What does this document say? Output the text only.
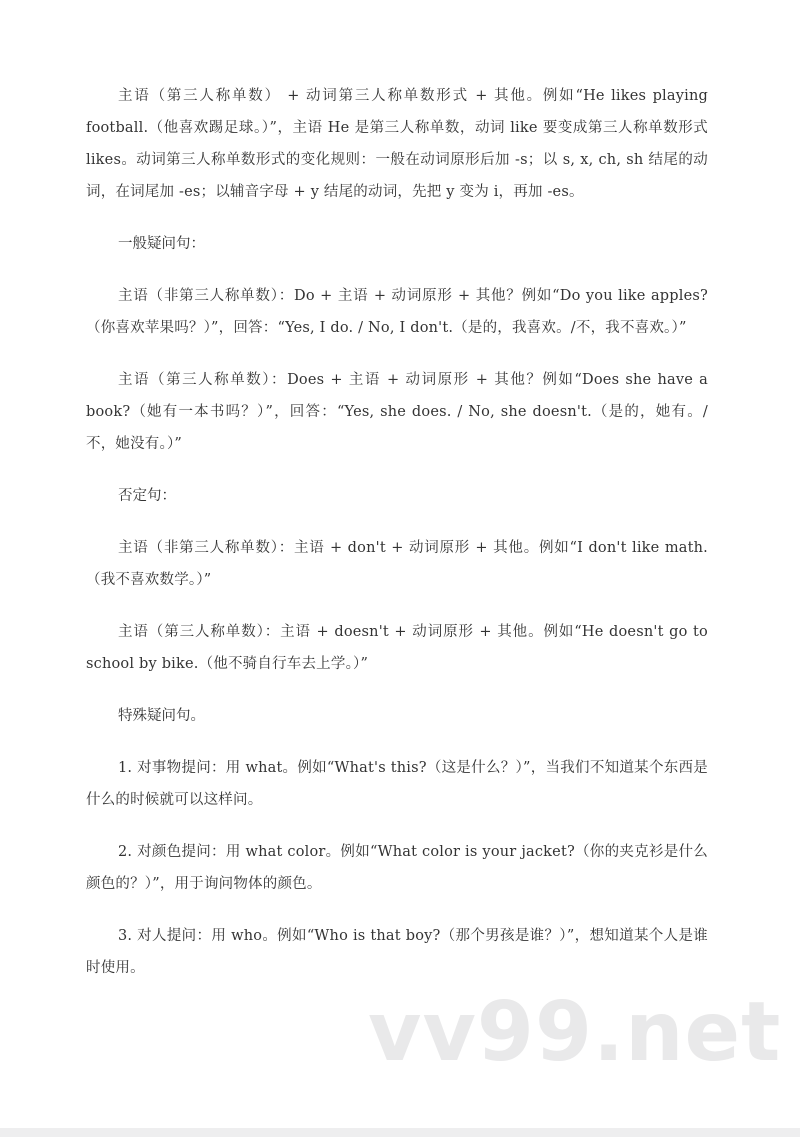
主语（第三人称单数） + 动词第三人称单数形式 + 其他。例如“He likes playing football.（他喜欢踢足球。）”，主语 He 是第三人称单数，动词 like 要变成第三人称单数形式 likes。动词第三人称单数形式的变化规则：一般在动词原形后加 -s；以 s, x, ch, sh 结尾的动词，在词尾加 -es；以辅音字母 + y 结尾的动词，先把 y 变为 i，再加 -es。

一般疑问句：

主语（非第三人称单数）：Do + 主语 + 动词原形 + 其他？例如“Do you like apples?（你喜欢苹果吗？）”，回答：“Yes, I do. / No, I don't.（是的，我喜欢。/不，我不喜欢。）”

主语（第三人称单数）：Does + 主语 + 动词原形 + 其他？例如“Does she have a book?（她有一本书吗？）”，回答：“Yes, she does. / No, she doesn't.（是的，她有。/不，她没有。）”

否定句：

主语（非第三人称单数）：主语 + don't + 动词原形 + 其他。例如“I don't like math.（我不喜欢数学。）”

主语（第三人称单数）：主语 + doesn't + 动词原形 + 其他。例如“He doesn't go to school by bike.（他不骑自行车去上学。）”

特殊疑问句。

1. 对事物提问：用 what。例如“What's this?（这是什么？）”，当我们不知道某个东西是什么的时候就可以这样问。

2. 对颜色提问：用 what color。例如“What color is your jacket?（你的夹克衫是什么颜色的？）”，用于询问物体的颜色。

3. 对人提问：用 who。例如“Who is that boy?（那个男孩是谁？）”，想知道某个人是谁时使用。

vv99.net
